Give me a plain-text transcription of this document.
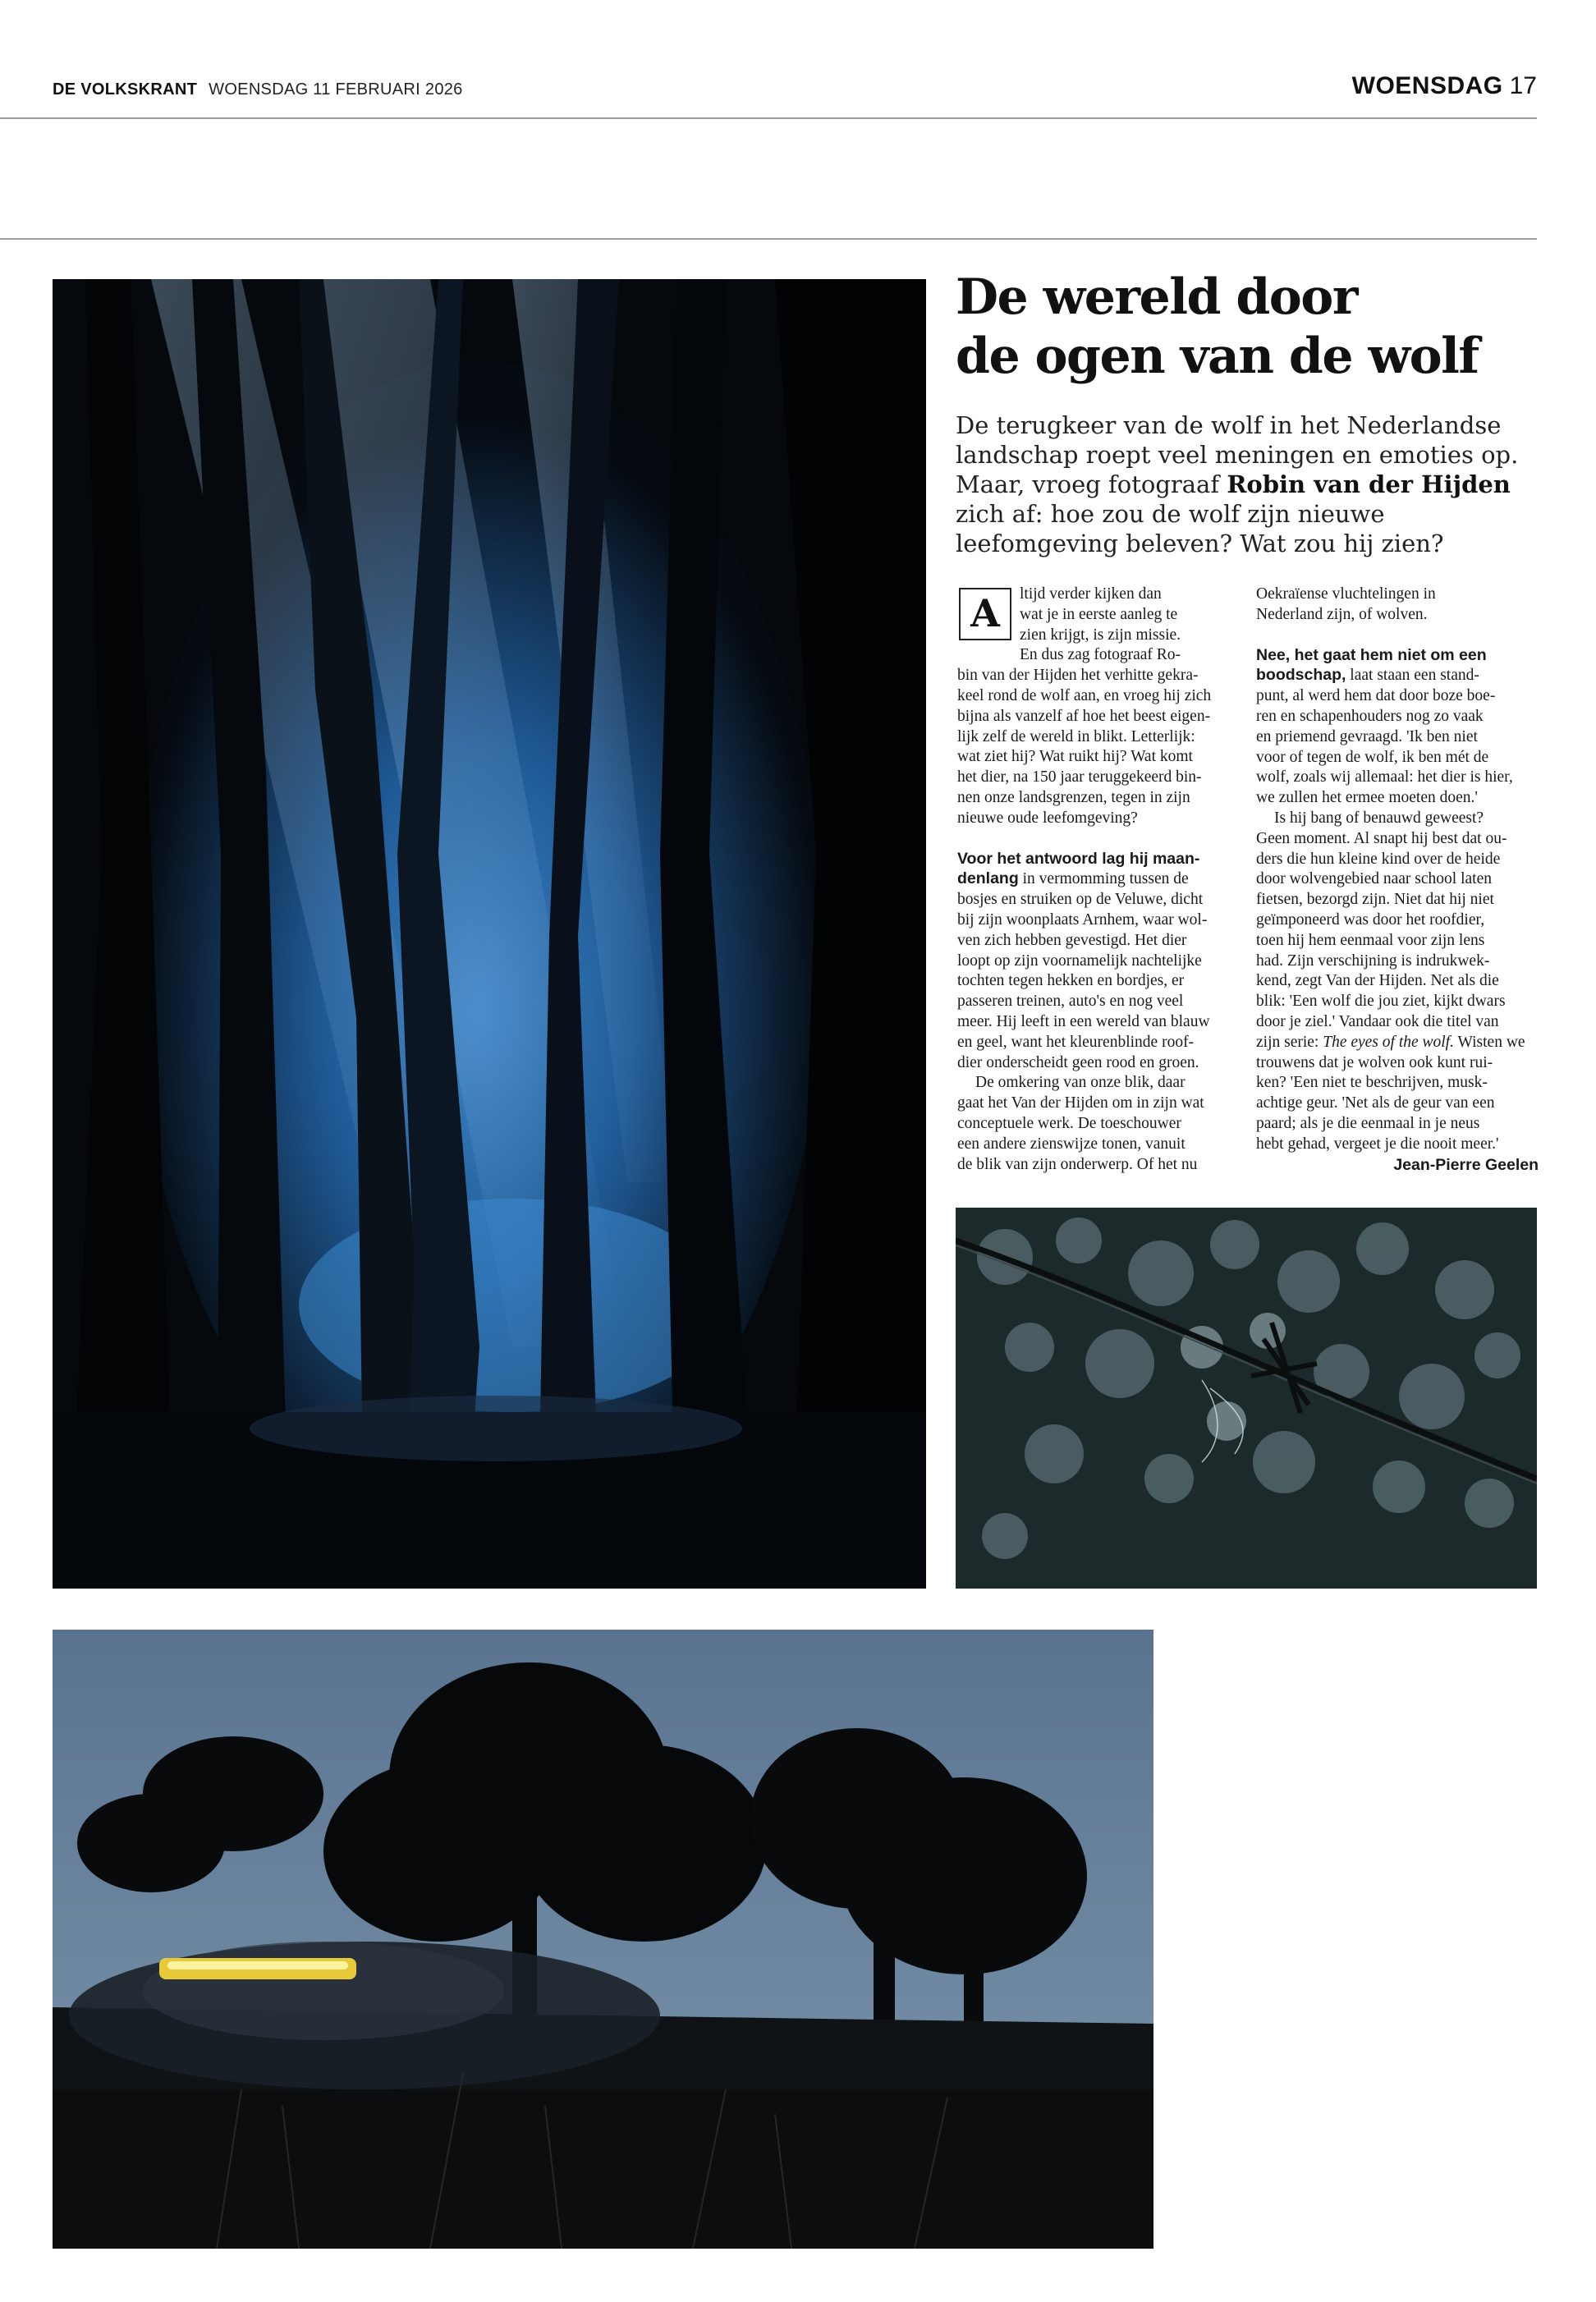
DE VOLKSKRANT WOENSDAG 11 FEBRUARI 2026	WOENSDAG 17
De wereld door
de ogen van de wolf
De terugkeer van de wolf in het Nederlandse
landschap roept veel meningen en emoties op.
Maar, vroeg fotograaf Robin van der Hijden
zich af: hoe zou de wolf zijn nieuwe
leefomgeving beleven? Wat zou hij zien?
A	ltijd verder kijken dan
wat je in eerste aanleg te
zien krijgt, is zijn missie.
En dus zag fotograaf Ro-
bin van der Hijden het verhitte gekra-
keel rond de wolf aan, en vroeg hij zich
bijna als vanzelf af hoe het beest eigen-
lijk zelf de wereld in blikt. Letterlijk:
wat ziet hij? Wat ruikt hij? Wat komt
het dier, na 150 jaar teruggekeerd bin-
nen onze landsgrenzen, tegen in zijn
nieuwe oude leefomgeving?
Voor het antwoord lag hij maan-
denlang in vermomming tussen de
bosjes en struiken op de Veluwe, dicht
bij zijn woonplaats Arnhem, waar wol-
ven zich hebben gevestigd. Het dier
loopt op zijn voornamelijk nachtelijke
tochten tegen hekken en bordjes, er
passeren treinen, auto's en nog veel
meer. Hij leeft in een wereld van blauw
en geel, want het kleurenblinde roof-
dier onderscheidt geen rood en groen.
De omkering van onze blik, daar
gaat het Van der Hijden om in zijn wat
conceptuele werk. De toeschouwer
een andere zienswijze tonen, vanuit
de blik van zijn onderwerp. Of het nu
Oekraïense vluchtelingen in
Nederland zijn, of wolven.
Nee, het gaat hem niet om een
boodschap, laat staan een stand-
punt, al werd hem dat door boze boe-
ren en schapenhouders nog zo vaak
en priemend gevraagd. 'Ik ben niet
voor of tegen de wolf, ik ben mét de
wolf, zoals wij allemaal: het dier is hier,
we zullen het ermee moeten doen.'
Is hij bang of benauwd geweest?
Geen moment. Al snapt hij best dat ou-
ders die hun kleine kind over de heide
door wolvengebied naar school laten
fietsen, bezorgd zijn. Niet dat hij niet
geïmponeerd was door het roofdier,
toen hij hem eenmaal voor zijn lens
had. Zijn verschijning is indrukwek-
kend, zegt Van der Hijden. Net als die
blik: 'Een wolf die jou ziet, kijkt dwars
door je ziel.' Vandaar ook die titel van
zijn serie: The eyes of the wolf. Wisten we
trouwens dat je wolven ook kunt rui-
ken? 'Een niet te beschrijven, musk-
achtige geur. 'Net als de geur van een
paard; als je die eenmaal in je neus
hebt gehad, vergeet je die nooit meer.'
Jean-Pierre Geelen
